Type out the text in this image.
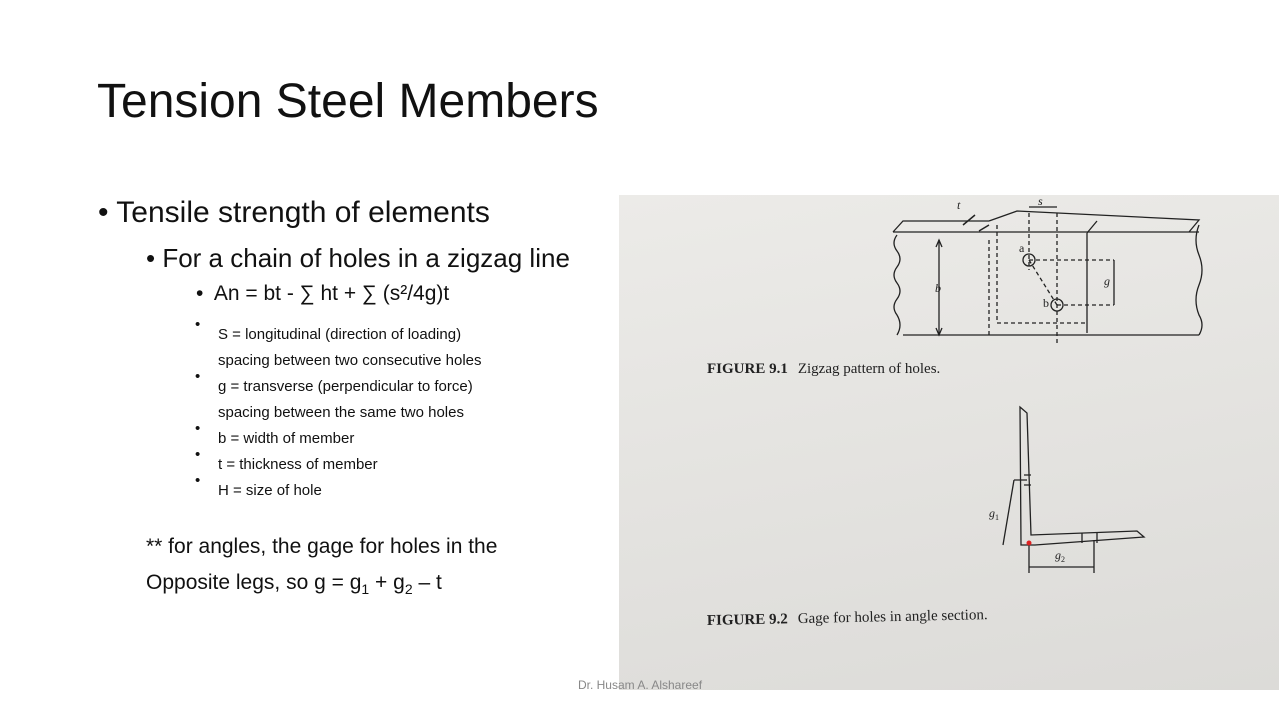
Tension Steel Members
• Tensile strength of elements
• For a chain of holes in a zigzag line
•  An = bt - ∑ ht + ∑ (s²/4g)t
•
S = longitudinal (direction of loading)
spacing between two consecutive holes
•
g = transverse (perpendicular to force)
spacing between the same two holes
•
b = width of member
•
t = thickness of member
•
H = size of hole
** for angles, the gage for holes in the
Opposite legs, so $g = g_1 + g_2 - t$
t	s
a
b
g
b
FIGURE 9.1 Zigzag pattern of holes.
$g_1$
$g_2$
FIGURE 9.2 Gage for holes in angle section.
Dr. Husam A. Alshareef
